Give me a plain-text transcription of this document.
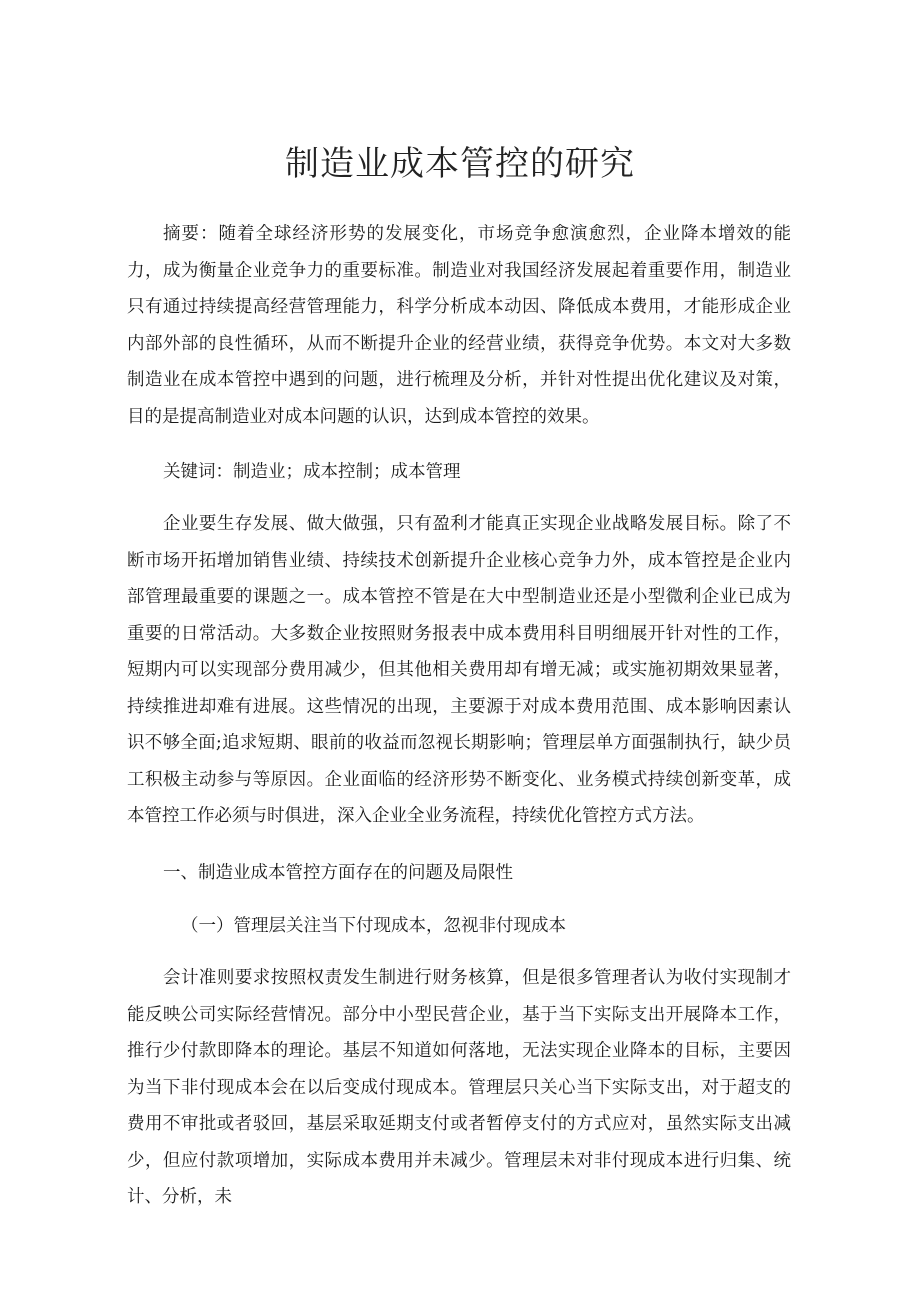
制造业成本管控的研究

摘要：随着全球经济形势的发展变化，市场竞争愈演愈烈，企业降本增效的能力，成为衡量企业竞争力的重要标准。制造业对我国经济发展起着重要作用，制造业只有通过持续提高经营管理能力，科学分析成本动因、降低成本费用，才能形成企业内部外部的良性循环，从而不断提升企业的经营业绩，获得竞争优势。本文对大多数制造业在成本管控中遇到的问题，进行梳理及分析，并针对性提出优化建议及对策，目的是提高制造业对成本问题的认识，达到成本管控的效果。

关键词：制造业；成本控制；成本管理

企业要生存发展、做大做强，只有盈利才能真正实现企业战略发展目标。除了不断市场开拓增加销售业绩、持续技术创新提升企业核心竞争力外，成本管控是企业内部管理最重要的课题之一。成本管控不管是在大中型制造业还是小型微利企业已成为重要的日常活动。大多数企业按照财务报表中成本费用科目明细展开针对性的工作，短期内可以实现部分费用减少，但其他相关费用却有增无减；或实施初期效果显著，持续推进却难有进展。这些情况的出现，主要源于对成本费用范围、成本影响因素认识不够全面;追求短期、眼前的收益而忽视长期影响；管理层单方面强制执行，缺少员工积极主动参与等原因。企业面临的经济形势不断变化、业务模式持续创新变革，成本管控工作必须与时俱进，深入企业全业务流程，持续优化管控方式方法。

一、制造业成本管控方面存在的问题及局限性

（一）管理层关注当下付现成本，忽视非付现成本

会计准则要求按照权责发生制进行财务核算，但是很多管理者认为收付实现制才能反映公司实际经营情况。部分中小型民营企业，基于当下实际支出开展降本工作，推行少付款即降本的理论。基层不知道如何落地，无法实现企业降本的目标，主要因为当下非付现成本会在以后变成付现成本。管理层只关心当下实际支出，对于超支的费用不审批或者驳回，基层采取延期支付或者暂停支付的方式应对，虽然实际支出减少，但应付款项增加，实际成本费用并未减少。管理层未对非付现成本进行归集、统计、分析，未
